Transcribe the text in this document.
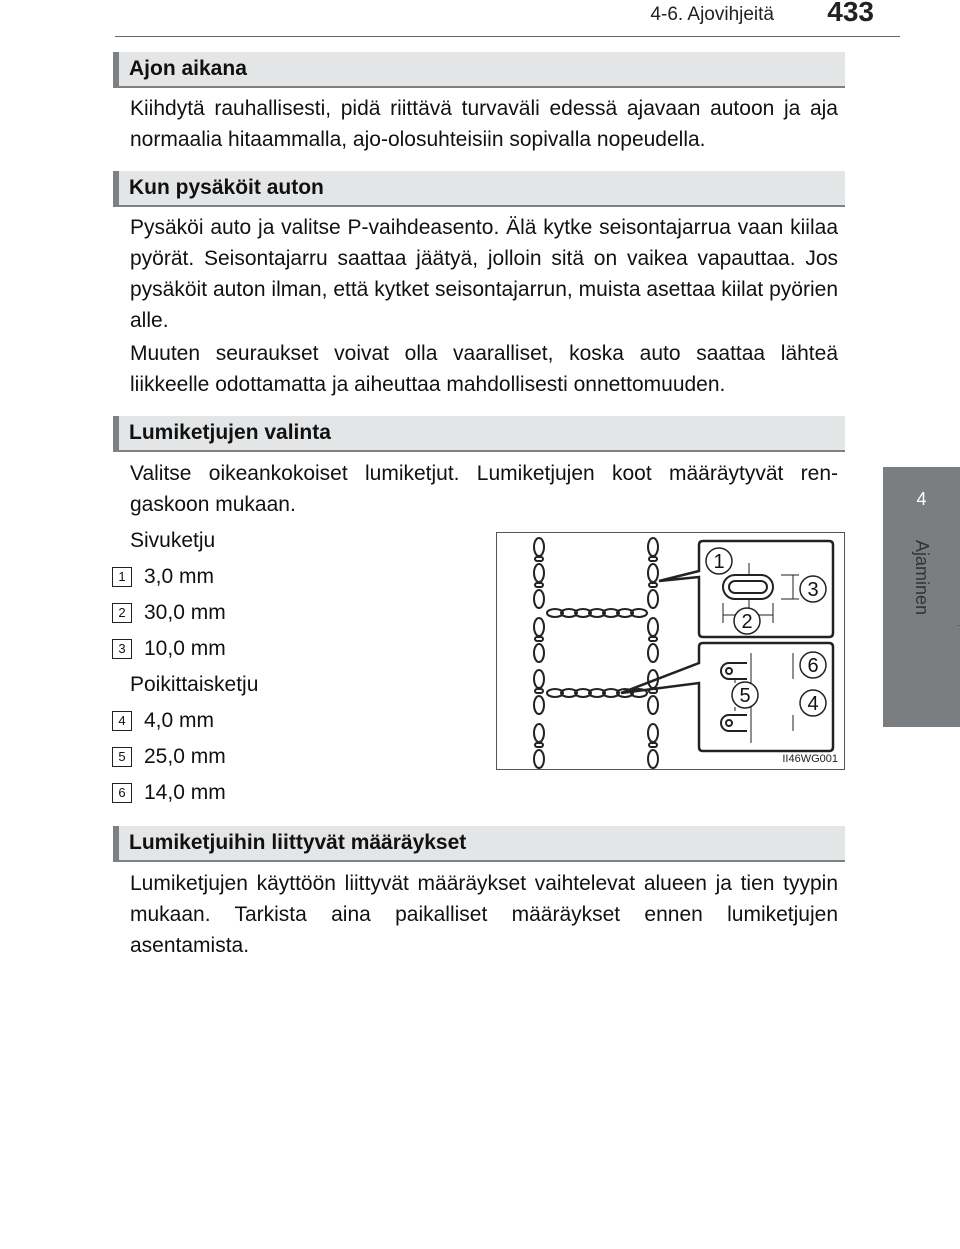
4-6. Ajovihjeitä 433
4
Ajaminen
Ajon aikana
Kiihdytä rauhallisesti, pidä riittävä turvaväli edessä ajavaan autoon ja aja normaalia hitaammalla, ajo-olosuhteisiin sopivalla nopeudella.
Kun pysäköit auton
Pysäköi auto ja valitse P-vaihdeasento. Älä kytke seisontajarrua vaan kiilaa pyörät. Seisontajarru saattaa jäätyä, jolloin sitä on vaikea vapauttaa. Jos pysäköit auton ilman, että kytket seisontajarrun, muista asettaa kiilat pyörien alle.
Muuten seuraukset voivat olla vaaralliset, koska auto saattaa lähteä liikkeelle odottamatta ja aiheuttaa mahdollisesti onnettomuuden.
Lumiketjujen valinta
Valitse oikeankokoiset lumiketjut. Lumiketjujen koot määräytyvät ren- gaskoon mukaan.
Sivuketju
1 3,0 mm
2 30,0 mm
3 10,0 mm
Poikittaisketju
4 4,0 mm
5 25,0 mm
6 14,0 mm
1
2
3
4
5
6
II46WG001
Lumiketjuihin liittyvät määräykset
Lumiketjujen käyttöön liittyvät määräykset vaihtelevat alueen ja tien tyypin mukaan. Tarkista aina paikalliset määräykset ennen lumiketjujen asentamista.
